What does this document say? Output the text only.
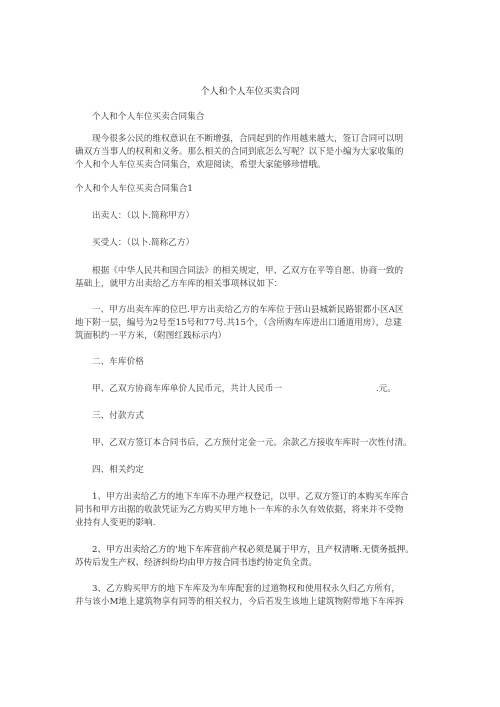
个人和个人车位买卖合同
个人和个人车位买卖合同集合
现今很多公民的维权意识在不断增强，合同起到的作用越来越大，签订合同可以明
确双方当事人的权利和义务。那么相关的合同到底怎么写呢？以下是小编为大家收集的
个人和个人车位买卖合同集合，欢迎阅读，希望大家能够珍惜哦。
个人和个人车位买卖合同集合1
出卖人：（以卜.简称甲方）
买受人：（以卜.简称乙方）
根据《中华人民共和国合同法》的相关规定，甲、乙双方在平等自愿、协商一致的
基础上，就甲方出卖给乙方车库的相关事项林议如下：
一、甲方出卖车库的位巴.甲方出卖给乙方的车库位于营山县城新民路银都小区A区
地下附一层，编号为2号至15号和77号.共15个，（含所购车库进出口通道用房），总建
筑面积约一平方米，（附图红践标示内）
二、车库价格
甲、乙双方协商车库单价人民币元，共计人民币一	.元。
三、付款方式
甲、乙双方签订本合同书后，乙方预付定金一元。余款乙方接收车库时一次性付清。
四、相关约定
1、甲方出卖给乙方的地下车库不办理产权登记，以甲、乙双方签订的本购买车库合
同书和甲方出据的收款凭证为乙方购买甲方地卜一车库的永久有效依据，将来并不受物
业持有人变更的影响.
2、甲方出卖给乙方的'地下车库营前产权必须是属于甲方，且产权清晰.无债务抵押。
苏传后发生产权、经济纠纷均由甲方按合同书违约协定负全责。
3、乙方购买甲方的地下车库及为车库配套的过道物权和使用权永久归乙方所有，
并与该小M地上建筑物享有同等的相关权力，今后若发生该地上建筑物附带地下车库拆
